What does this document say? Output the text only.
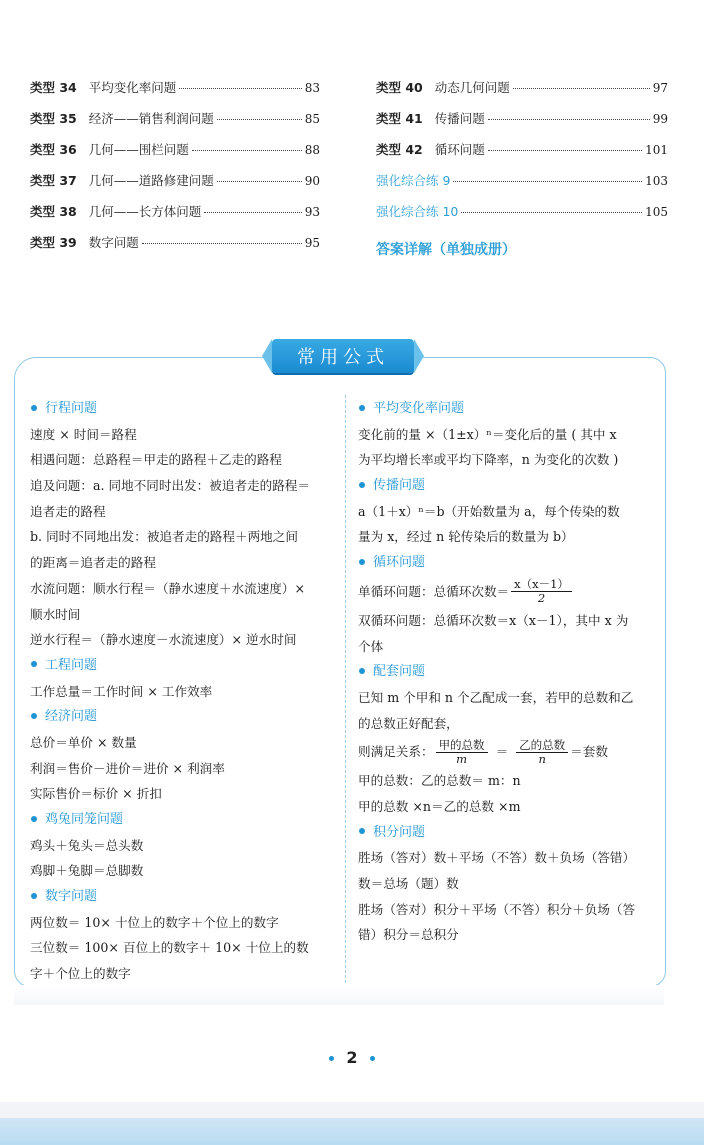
类型 34 平均变化率问题	83
类型 35 经济——销售利润问题	85
类型 36 几何——围栏问题	88
类型 37 几何——道路修建问题	90
类型 38 几何——长方体问题	93
类型 39 数字问题	95
类型 40 动态几何问题	97
类型 41 传播问题	99
类型 42 循环问题	101
强化综合练 9	103
强化综合练 10	105
答案详解（单独成册）
常用公式
行程问题
速度 × 时间＝路程
相遇问题：总路程＝甲走的路程＋乙走的路程
追及问题：a. 同地不同时出发：被追者走的路程＝
追者走的路程
b. 同时不同地出发：被追者走的路程＋两地之间
的距离＝追者走的路程
水流问题：顺水行程＝（静水速度＋水流速度）×
顺水时间
逆水行程＝（静水速度－水流速度）× 逆水时间
工程问题
工作总量＝工作时间 × 工作效率
经济问题
总价＝单价 × 数量
利润＝售价－进价＝进价 × 利润率
实际售价＝标价 × 折扣
鸡兔同笼问题
鸡头＋兔头＝总头数
鸡脚＋兔脚＝总脚数
数字问题
两位数＝ 10× 十位上的数字＋个位上的数字
三位数＝ 100× 百位上的数字＋ 10× 十位上的数
字＋个位上的数字
平均变化率问题
变化前的量 ×（1±x）ⁿ＝变化后的量 ( 其中 x
为平均增长率或平均下降率，n 为变化的次数 )
传播问题
a（1＋x）ⁿ＝b（开始数量为 a，每个传染的数
量为 x，经过 n 轮传染后的数量为 b）
循环问题
单循环问题：总循环次数＝ $\frac{x(x-1)}{2}$
双循环问题：总循环次数＝x（x－1），其中 x 为
个体
配套问题
已知 m 个甲和 n 个乙配成一套，若甲的总数和乙
的总数正好配套，
则满足关系： $\frac{\text{甲的总数}}{m} = \frac{\text{乙的总数}}{n}$ ＝套数
甲的总数：乙的总数＝ m：n
甲的总数 ×n＝乙的总数 ×m
积分问题
胜场（答对）数＋平场（不答）数＋负场（答错）
数＝总场（题）数
胜场（答对）积分＋平场（不答）积分＋负场（答
错）积分＝总积分
2
